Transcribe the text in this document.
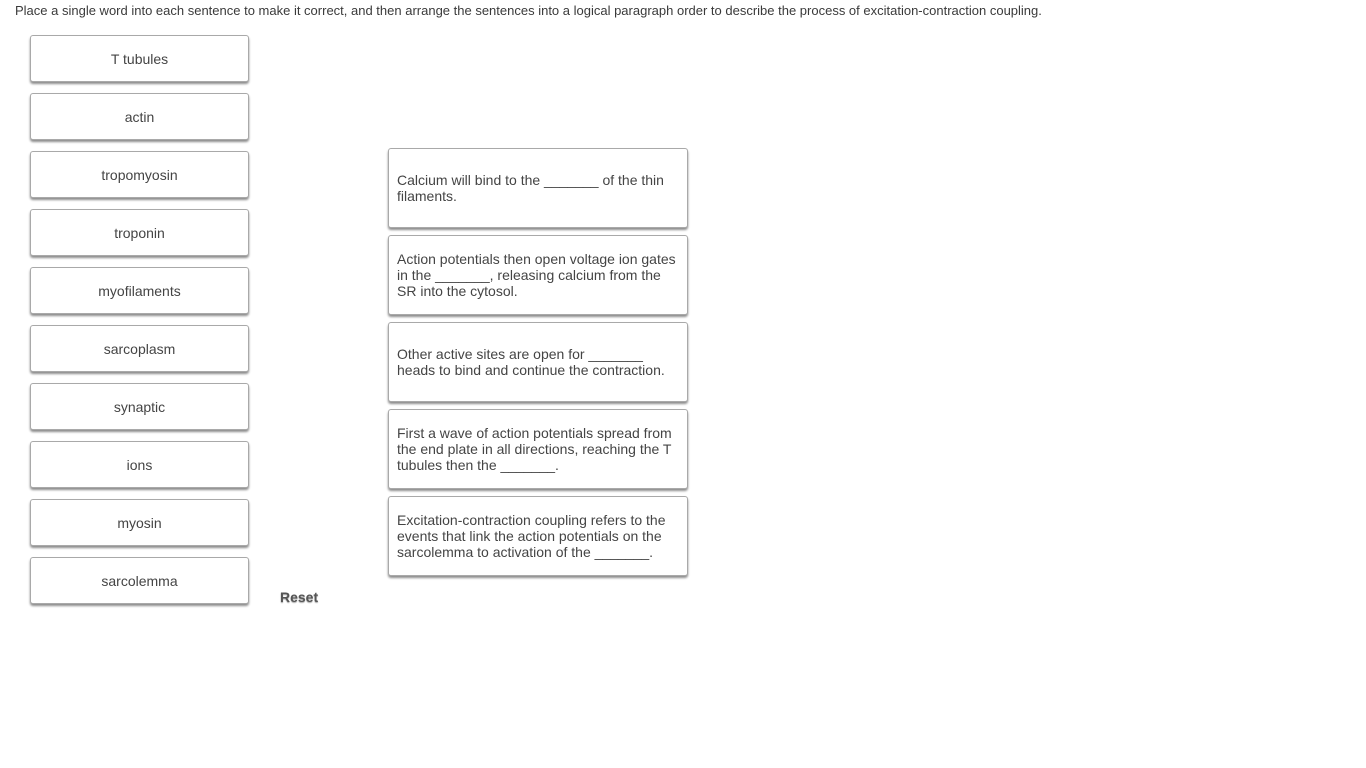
Place a single word into each sentence to make it correct, and then arrange the sentences into a logical paragraph order to describe the process of excitation-contraction coupling.
T tubules
actin
tropomyosin
troponin
myofilaments
sarcoplasm
synaptic
ions
myosin
sarcolemma
Reset
Calcium will bind to the _______ of the thin filaments.
Action potentials then open voltage ion gates in the _______, releasing calcium from the SR into the cytosol.
Other active sites are open for _______ heads to bind and continue the contraction.
First a wave of action potentials spread from the end plate in all directions, reaching the T tubules then the _______.
Excitation-contraction coupling refers to the events that link the action potentials on the sarcolemma to activation of the _______.
